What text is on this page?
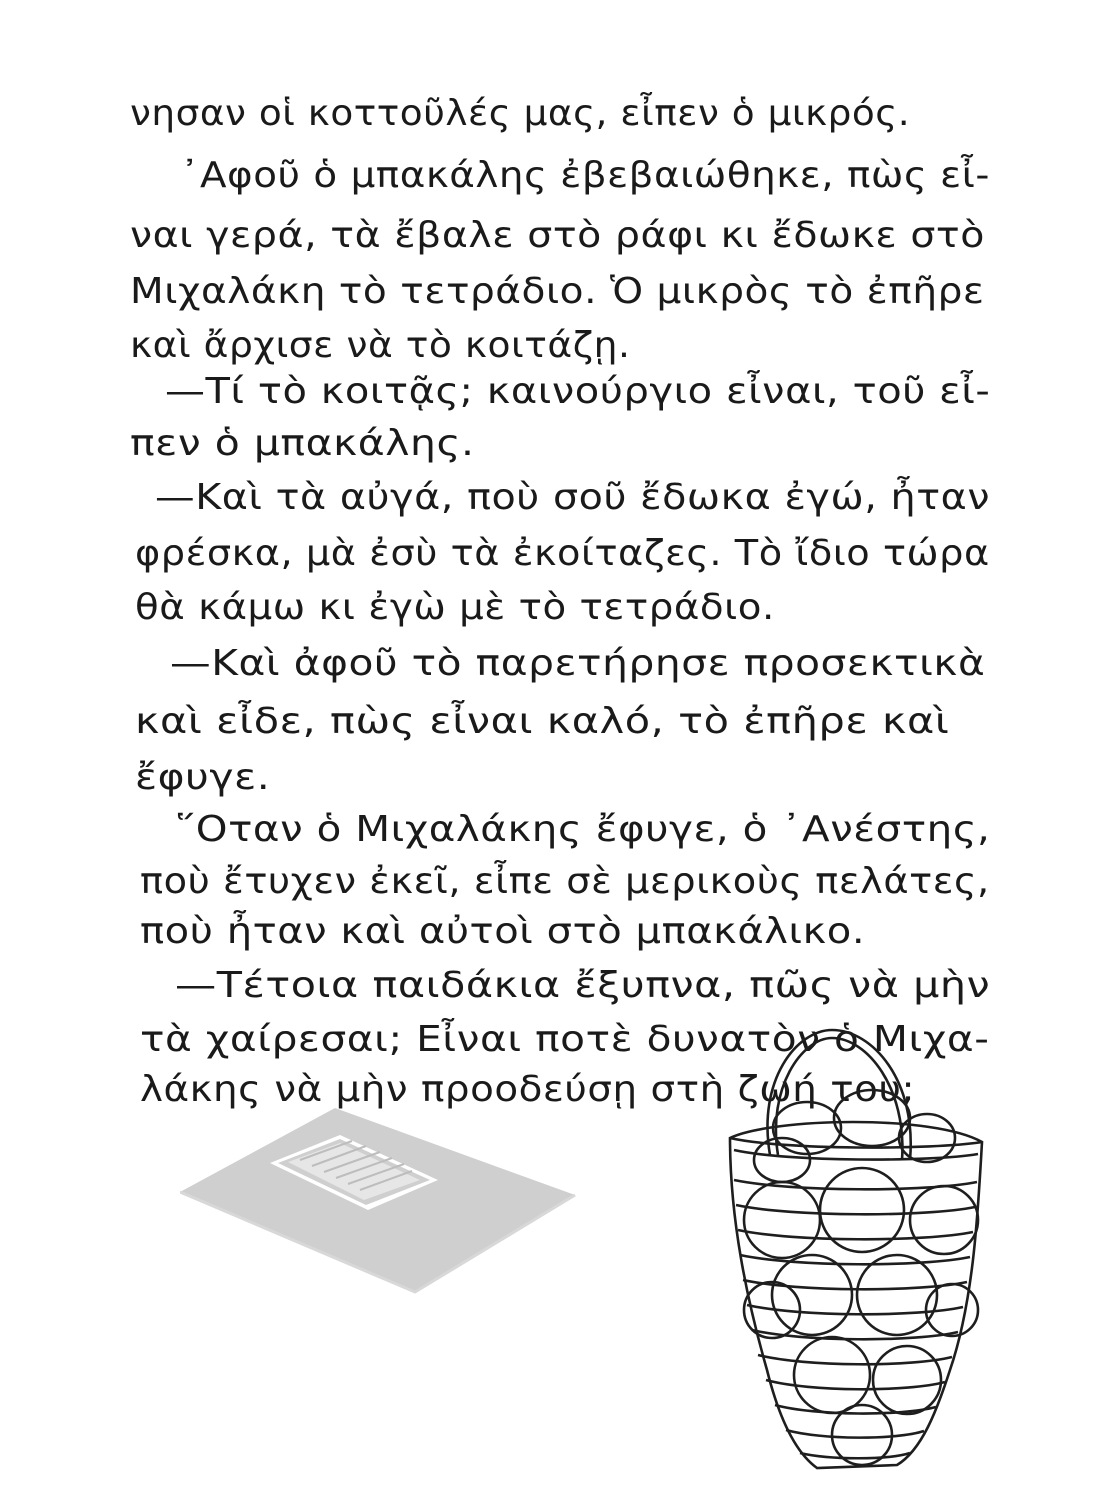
νησαν οἱ κοττοῦλές μας, εἶπεν ὁ μικρός.
᾿Αφοῦ ὁ μπακάλης ἐβεβαιώθηκε, πὼς εἶ-
ναι γερά, τὰ ἔβαλε στὸ ράφι κι ἔδωκε στὸ
Μιχαλάκη τὸ τετράδιο. Ὁ μικρὸς τὸ ἐπῆρε
καὶ ἄρχισε νὰ τὸ κοιτάζῃ.
—Τί τὸ κοιτᾷς; καινούργιο εἶναι, τοῦ εἶ-
πεν ὁ μπακάλης.
—Καὶ τὰ αὐγά, ποὺ σοῦ ἔδωκα ἐγώ, ἦταν
φρέσκα, μὰ ἐσὺ τὰ ἐκοίταζες. Τὸ ἴδιο τώρα
θὰ κάμω κι ἐγὼ μὲ τὸ τετράδιο.
—Καὶ ἀφοῦ τὸ παρετήρησε προσεκτικὰ
καὶ εἶδε, πὼς εἶναι καλό, τὸ ἐπῆρε καὶ
ἔφυγε.
῞Οταν ὁ Μιχαλάκης ἔφυγε, ὁ ᾿Ανέστης,
ποὺ ἔτυχεν ἐκεῖ, εἶπε σὲ μερικοὺς πελάτες,
ποὺ ἦταν καὶ αὐτοὶ στὸ μπακάλικο.
—Τέτοια παιδάκια ἔξυπνα, πῶς νὰ μὴν
τὰ χαίρεσαι; Εἶναι ποτὲ δυνατὸν ὁ Μιχα-
λάκης νὰ μὴν προοδεύσῃ στὴ ζωή του;
